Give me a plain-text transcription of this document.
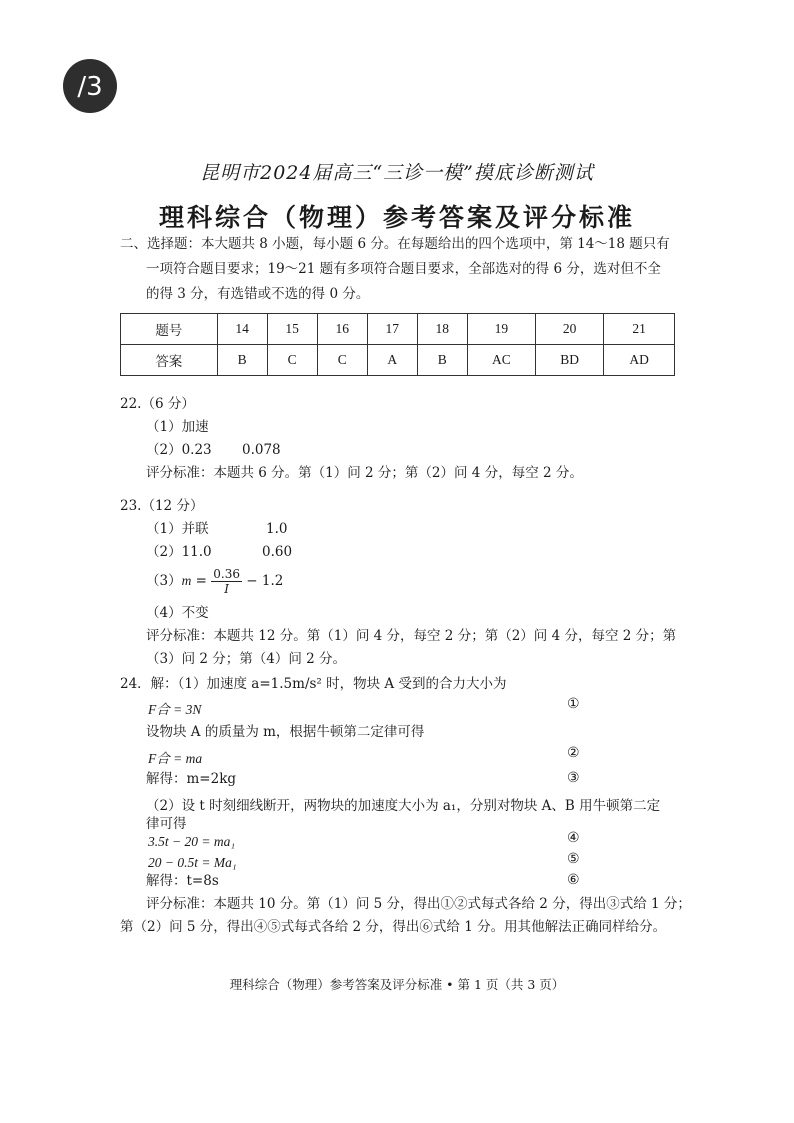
/3
昆明市2024届高三“三诊一模”摸底诊断测试
理科综合（物理）参考答案及评分标准
二、选择题：本大题共 8 小题，每小题 6 分。在每题给出的四个选项中，第 14～18 题只有
一项符合题目要求；19～21 题有多项符合题目要求，全部选对的得 6 分，选对但不全
的得 3 分，有选错或不选的得 0 分。
题号	14	15	16	17	18	19	20	21
答案	B	C	C	A	B	AC	BD	AD
22.（6 分）
（1）加速
（2）0.23 0.078
评分标准：本题共 6 分。第（1）问 2 分；第（2）问 4 分，每空 2 分。
23.（12 分）
（1）并联	1.0
（2）11.0	0.60
$(3)m = \frac{0.36}{I} - 1.2$
（4）不变
评分标准：本题共 12 分。第（1）问 4 分，每空 2 分；第（2）问 4 分，每空 2 分；第
（3）问 2 分；第（4）问 2 分。
24．解：（1）加速度 a=1.5m/s² 时，物块 A 受到的合力大小为
F合 = 3N	①
设物块 A 的质量为 m，根据牛顿第二定律可得
F合 = ma	②
解得：m=2kg	③
（2）设 t 时刻细线断开，两物块的加速度大小为 a₁，分别对物块 A、B 用牛顿第二定
律可得
3.5t − 20 = ma₁	④
20 − 0.5t = Ma₁	⑤
解得：t=8s	⑥
评分标准：本题共 10 分。第（1）问 5 分，得出①②式每式各给 2 分，得出③式给 1 分；
第（2）问 5 分，得出④⑤式每式各给 2 分，得出⑥式给 1 分。用其他解法正确同样给分。
理科综合（物理）参考答案及评分标准 • 第 1 页（共 3 页）
